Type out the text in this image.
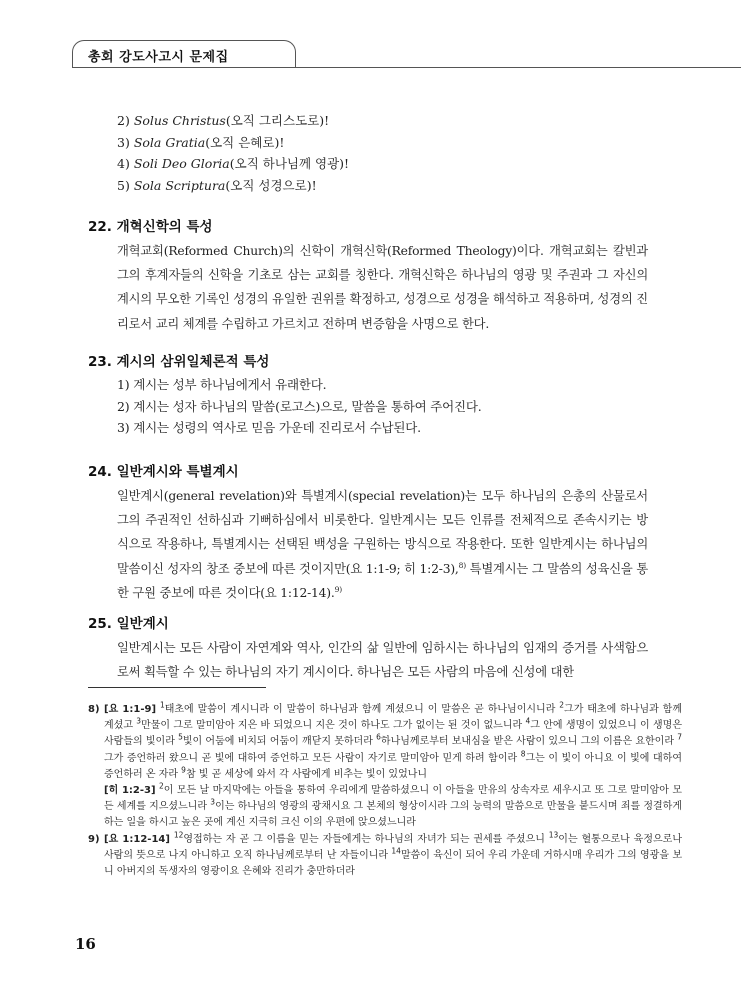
총회 강도사고시 문제집
2) Solus Christus(오직 그리스도로)!
3) Sola Gratia(오직 은혜로)!
4) Soli Deo Gloria(오직 하나님께 영광)!
5) Sola Scriptura(오직 성경으로)!
22. 개혁신학의 특성
개혁교회(Reformed Church)의 신학이 개혁신학(Reformed Theology)이다. 개혁교회는 칼빈과 그의 후계자들의 신학을 기초로 삼는 교회를 칭한다. 개혁신학은 하나님의 영광 및 주권과 그 자신의 계시의 무오한 기록인 성경의 유일한 권위를 확정하고, 성경으로 성경을 해석하고 적용하며, 성경의 진리로서 교리 체계를 수립하고 가르치고 전하며 변증함을 사명으로 한다.
23. 계시의 삼위일체론적 특성
1) 계시는 성부 하나님에게서 유래한다.
2) 계시는 성자 하나님의 말씀(로고스)으로, 말씀을 통하여 주어진다.
3) 계시는 성령의 역사로 믿음 가운데 진리로서 수납된다.
24. 일반계시와 특별계시
일반계시(general revelation)와 특별계시(special revelation)는 모두 하나님의 은총의 산물로서 그의 주권적인 선하심과 기뻐하심에서 비롯한다. 일반계시는 모든 인류를 전체적으로 존속시키는 방식으로 작용하나, 특별계시는 선택된 백성을 구원하는 방식으로 작용한다. 또한 일반계시는 하나님의 말씀이신 성자의 창조 중보에 따른 것이지만(요 1:1-9; 히 1:2-3),$^{8)}$ 특별계시는 그 말씀의 성육신을 통한 구원 중보에 따른 것이다(요 1:12-14).$^{9)}$
25. 일반계시
일반계시는 모든 사람이 자연계와 역사, 인간의 삶 일반에 임하시는 하나님의 임재의 증거를 사색함으로써 획득할 수 있는 하나님의 자기 계시이다. 하나님은 모든 사람의 마음에 신성에 대한
8) [요 1:1-9] $^1$태초에 말씀이 계시니라 이 말씀이 하나님과 함께 계셨으니 이 말씀은 곧 하나님이시니라 $^2$그가 태초에 하나님과 함께 계셨고 $^3$만물이 그로 말미암아 지은 바 되었으니 지은 것이 하나도 그가 없이는 된 것이 없느니라 $^4$그 안에 생명이 있었으니 이 생명은 사람들의 빛이라 $^5$빛이 어둠에 비치되 어둠이 깨닫지 못하더라 $^6$하나님께로부터 보내심을 받은 사람이 있으니 그의 이름은 요한이라 $^7$그가 증언하러 왔으니 곧 빛에 대하여 증언하고 모든 사람이 자기로 말미암아 믿게 하려 함이라 $^8$그는 이 빛이 아니요 이 빛에 대하여 증언하러 온 자라 $^9$참 빛 곧 세상에 와서 각 사람에게 비추는 빛이 있었나니
[히 1:2-3] $^2$이 모든 날 마지막에는 아들을 통하여 우리에게 말씀하셨으니 이 아들을 만유의 상속자로 세우시고 또 그로 말미암아 모든 세계를 지으셨느니라 $^3$이는 하나님의 영광의 광채시요 그 본체의 형상이시라 그의 능력의 말씀으로 만물을 붙드시며 죄를 정결하게 하는 일을 하시고 높은 곳에 계신 지극히 크신 이의 우편에 앉으셨느니라
9) [요 1:12-14] $^{12}$영접하는 자 곧 그 이름을 믿는 자들에게는 하나님의 자녀가 되는 권세를 주셨으니 $^{13}$이는 혈통으로나 육정으로나 사람의 뜻으로 나지 아니하고 오직 하나님께로부터 난 자들이니라 $^{14}$말씀이 육신이 되어 우리 가운데 거하시매 우리가 그의 영광을 보니 아버지의 독생자의 영광이요 은혜와 진리가 충만하더라
16
